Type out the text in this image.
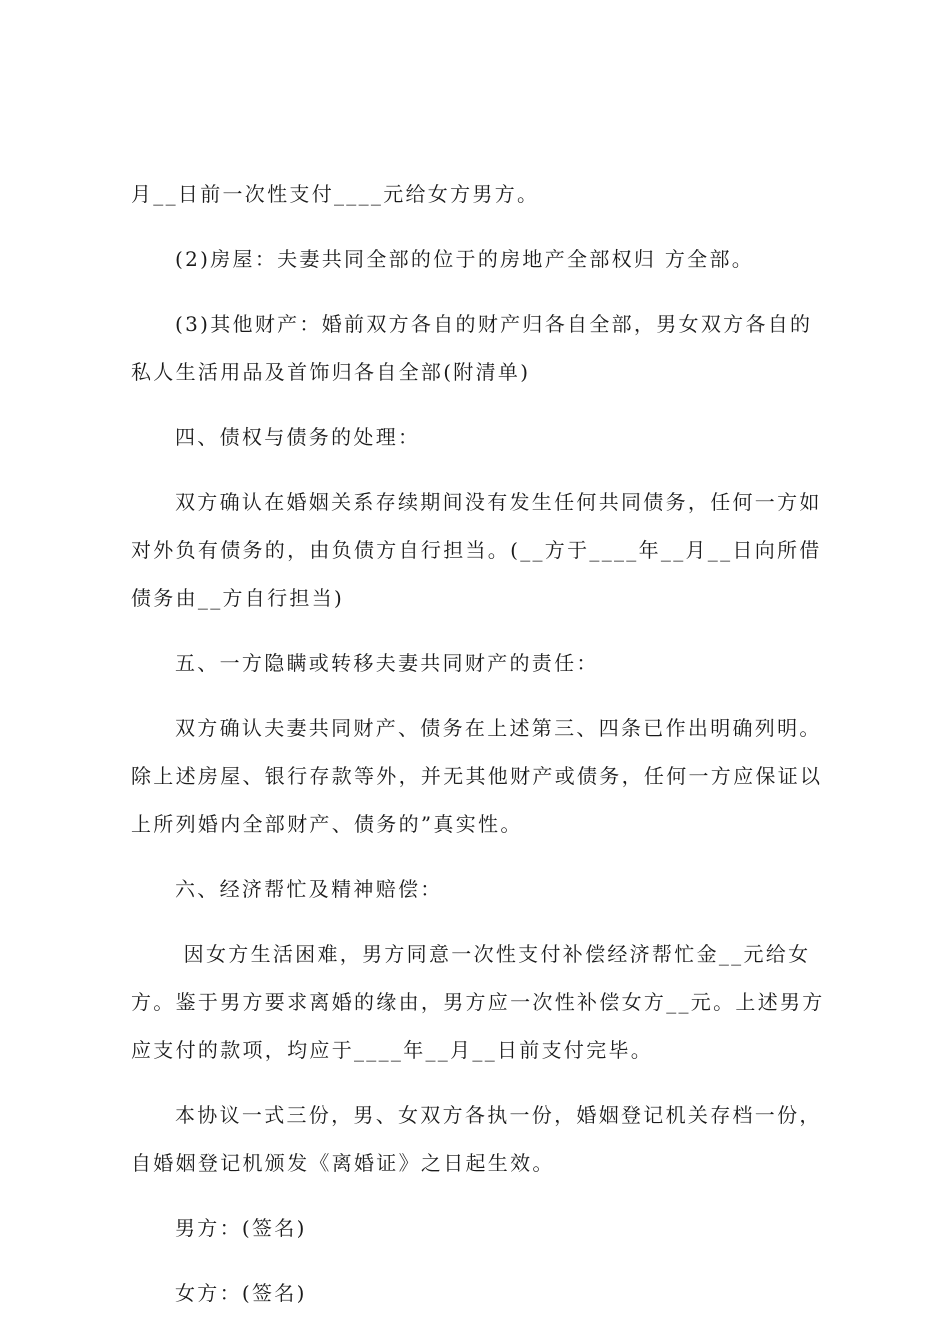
月__日前一次性支付____元给女方男方。

(2)房屋：夫妻共同全部的位于的房地产全部权归 方全部。

(3)其他财产：婚前双方各自的财产归各自全部，男女双方各自的私人生活用品及首饰归各自全部(附清单)

四、债权与债务的处理：

双方确认在婚姻关系存续期间没有发生任何共同债务，任何一方如对外负有债务的，由负债方自行担当。(__方于____年__月__日向所借债务由__方自行担当)

五、一方隐瞒或转移夫妻共同财产的责任：

双方确认夫妻共同财产、债务在上述第三、四条已作出明确列明。除上述房屋、银行存款等外，并无其他财产或债务，任何一方应保证以上所列婚内全部财产、债务的”真实性。

六、经济帮忙及精神赔偿：

因女方生活困难，男方同意一次性支付补偿经济帮忙金__元给女方。鉴于男方要求离婚的缘由，男方应一次性补偿女方__元。上述男方应支付的款项，均应于____年__月__日前支付完毕。

本协议一式三份，男、女双方各执一份，婚姻登记机关存档一份，自婚姻登记机颁发《离婚证》之日起生效。

男方：(签名)

女方：(签名)
